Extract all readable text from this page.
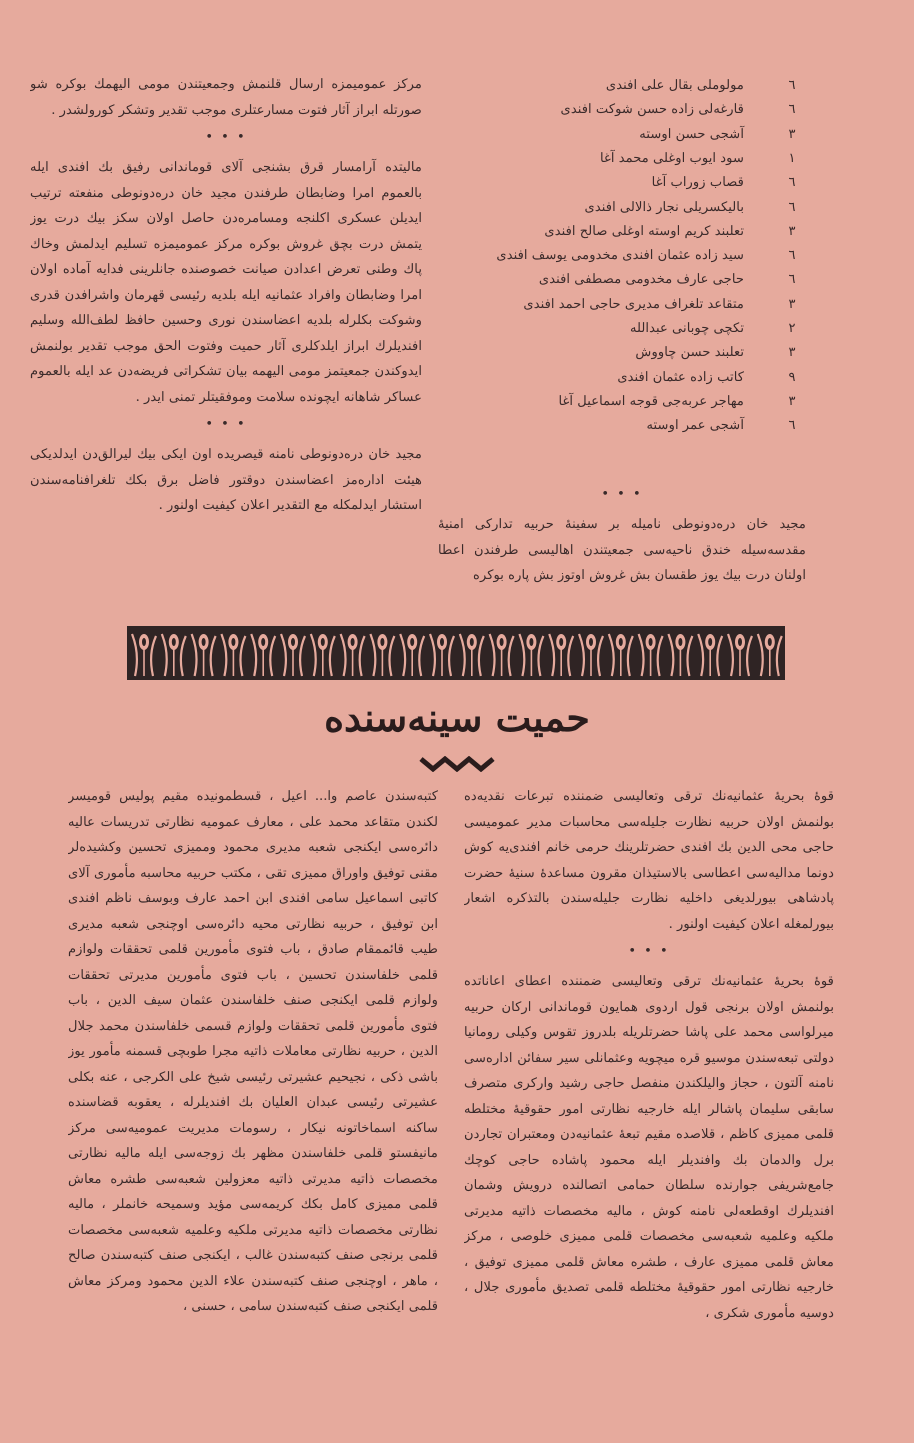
٦
مولوملی بقال علی افندی
٦
قارغه‌لی زاده حسن شوکت افندی
٣
آشجی حسن اوسته
١
سود ایوب اوغلی محمد آغا
٦
قصاب زوراب آغا
٦
بالیکسریلی نجار ذالالی افندی
٣
تعلبند کریم اوسته اوغلی صالح افندی
٦
سید زاده عثمان افندی مخدومی یوسف افندی
٦
حاجی عارف مخدومی مصطفی افندی
٣
متقاعد تلغراف مدیری حاجی احمد افندی
٢
تکچی چوبانی عبدالله
٣
تعلبند حسن چاووش
٩
کاتب زاده عثمان افندی
٣
مهاجر عربه‌جی قوجه اسماعیل آغا
٦
آشجی عمر اوسته
• • •

مجید خان دره‌دونوطی نامیله بر سفینهٔ حربیه تدارکی امنیهٔ مقدسه‌سیله خندق ناحیه‌سی جمعیتندن اهالیسی طرفندن اعطا اولنان درت بیك یوز طقسان بش غروش اوتوز بش پاره بوکره

مرکز عمومیمزه ارسال قلنمش وجمعیتندن مومی الیهمك بوکره شو صورتله ابراز آثار فتوت مسارعتلری موجب تقدیر وتشکر کورولشدر .

• • •

مالیتده آرامسار قرق بشنجی آلای قوماندانی رفیق بك افندی ایله بالعموم امرا وضابطان طرفندن مجید خان دره‌دونوطی منفعته ترتیب ایدیلن عسکری اکلنجه ومسامره‌دن حاصل اولان سکز بیك درت یوز یتمش درت بچق غروش بوکره مرکز عمومیمزه تسلیم ایدلمش وخاك پاك وطنی تعرض اعدادن صیانت خصوصنده جانلرینی فدایه آماده اولان امرا وضابطان وافراد عثمانیه ایله بلدیه رئیسی قهرمان واشرافدن قدری وشوکت بکلرله بلدیه اعضاسندن نوری وحسین حافظ لطف‌الله وسلیم افندیلرك ابراز ایلدکلری آثار حمیت وفتوت الحق موجب تقدیر بولنمش ایدوکندن جمعیتمز مومی الیهمه بیان تشکراتی فریضه‌دن عد ایله بالعموم عساکر شاهانه ایچونده سلامت وموفقیتلر تمنی ایدر .

• • •

مجید خان دره‌دونوطی نامنه قیصریده اون ایکی بیك لیرالق‌دن ایدلدیکی هیئت اداره‌مز اعضاسندن دوقتور فاضل برق بکك تلغرافنامه‌سندن استشار ایدلمکله مع التقدیر اعلان کیفیت اولنور .

حمیت سینه‌سنده

قوهٔ بحریهٔ عثمانیه‌نك ترقی وتعالیسی ضمننده تبرعات نقدیه‌ده بولنمش اولان حربیه نظارت جلیله‌سی محاسبات مدیر عمومیسی حاجی محی الدین بك افندی حضرتلرینك حرمی خانم افندی‌یه کوش دونما مدالیه‌سی اعطاسی بالاستیذان مقرون مساعدهٔ سنیهٔ حضرت پادشاهی بیورلدیغی داخلیه نظارت جلیله‌سندن بالتذکره اشعار بیورلمغله اعلان کیفیت اولنور .

• • •

قوهٔ بحریهٔ عثمانیه‌نك ترقی وتعالیسی ضمننده اعطای اعاناتده بولنمش اولان برنجی قول اردوی همایون قوماندانی ارکان حربیه میرلواسی محمد علی پاشا حضرتلریله بلدروز تقوس وکیلی رومانیا دولتی تبعه‌سندن موسیو قره میچویه وعثمانلی سیر سفائن اداره‌سی نامنه آلتون ، حجاز والیلکندن منفصل حاجی رشید وارکری متصرف سابقی سلیمان پاشالر ایله خارجیه نظارتی امور حقوقیهٔ مختلطه قلمی ممیزی کاظم ، قلاصده مقیم تبعهٔ عثمانیه‌دن ومعتبران تجاردن برل والدمان بك وافندیلر ایله محمود پاشاده حاجی کوچك جامع‌شریفی جوارنده سلطان حمامی اتصالنده درویش وشمان افندیلرك اوقطعه‌لی نامنه کوش ، مالیه مخصصات ذاتیه مدیرتی ملکیه وعلمیه شعبه‌سی مخصصات قلمی ممیزی خلوصی ، مرکز معاش قلمی ممیزی عارف ، طشره معاش قلمی ممیزی توفیق ، خارجیه نظارتی امور حقوقیهٔ مختلطه قلمی تصدیق مأموری جلال ، دوسیه مأموری شکری ،

کتبه‌سندن عاصم وا... اعیل ، قسطمونیده مقیم پولیس قومیسر لکندن متقاعد محمد علی ، معارف عمومیه نظارتی تدریسات عالیه دائره‌سی ایکنجی شعبه مدیری محمود وممیزی تحسین وکشیده‌لر مقنی توفیق واوراق ممیزی تقی ، مکتب حربیه محاسبه مأموری آلای کاتبی اسماعیل سامی افندی ابن احمد عارف وبوسف ناظم افندی ابن توفیق ، حربیه نظارتی محیه دائره‌سی اوچنجی شعبه مدیری طیب قائممقام صادق ، باب فتوی مأمورین قلمی تحققات ولوازم قلمی خلفاسندن تحسین ، باب فتوی مأمورین مدیرتی تحققات ولوازم قلمی ایکنجی صنف خلفاسندن عثمان سیف الدین ، باب فتوی مأمورین قلمی تحققات ولوازم قسمی خلفاسندن محمد جلال الدین ، حربیه نظارتی معاملات ذاتیه مجرا طوبچی قسمنه مأمور یوز باشی ذکی ، نجیحیم عشیرتی رئیسی شیخ علی الکرجی ، عنه بکلی عشیرتی رئیسی عبدان العلیان بك افندیلرله ، یعقوبه قضاسنده ساکنه اسماخاتونه نیکار ، رسومات مدیریت عمومیه‌سی مرکز مانیفستو قلمی خلفاسندن مظهر بك زوجه‌سی ایله مالیه نظارتی مخصصات ذاتیه مدیرتی ذاتیه معزولین شعبه‌سی طشره معاش قلمی ممیزی کامل بکك کریمه‌سی مؤید وسمیحه خانملر ، مالیه نظارتی مخصصات ذاتیه مدیرتی ملکیه وعلمیه شعبه‌سی مخصصات قلمی برنجی صنف کتبه‌سندن غالب ، ایکنجی صنف کتبه‌سندن صالح ، ماهر ، اوچنجی صنف کتبه‌سندن علاء الدین محمود ومرکز معاش قلمی ایکنجی صنف کتبه‌سندن سامی ، حسنی ،
